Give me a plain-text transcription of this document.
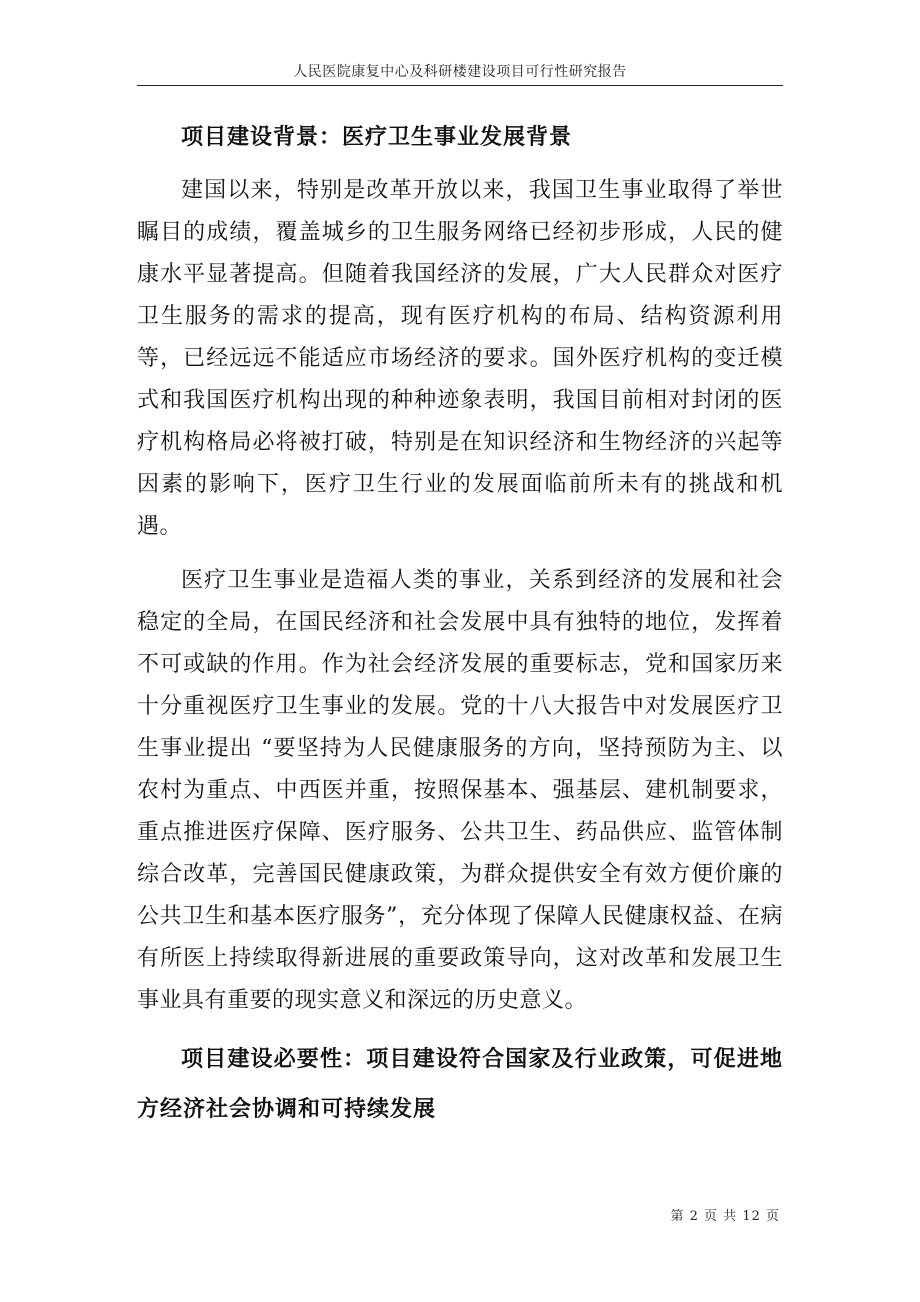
人民医院康复中心及科研楼建设项目可行性研究报告
项目建设背景：医疗卫生事业发展背景

建国以来，特别是改革开放以来，我国卫生事业取得了举世瞩目的成绩，覆盖城乡的卫生服务网络已经初步形成，人民的健康水平显著提高。但随着我国经济的发展，广大人民群众对医疗卫生服务的需求的提高，现有医疗机构的布局、结构资源利用等，已经远远不能适应市场经济的要求。国外医疗机构的变迁模式和我国医疗机构出现的种种迹象表明，我国目前相对封闭的医疗机构格局必将被打破，特别是在知识经济和生物经济的兴起等因素的影响下，医疗卫生行业的发展面临前所未有的挑战和机遇。

医疗卫生事业是造福人类的事业，关系到经济的发展和社会稳定的全局，在国民经济和社会发展中具有独特的地位，发挥着不可或缺的作用。作为社会经济发展的重要标志，党和国家历来十分重视医疗卫生事业的发展。党的十八大报告中对发展医疗卫生事业提出 “要坚持为人民健康服务的方向，坚持预防为主、以农村为重点、中西医并重，按照保基本、强基层、建机制要求，重点推进医疗保障、医疗服务、公共卫生、药品供应、监管体制综合改革，完善国民健康政策，为群众提供安全有效方便价廉的公共卫生和基本医疗服务”，充分体现了保障人民健康权益、在病有所医上持续取得新进展的重要政策导向，这对改革和发展卫生事业具有重要的现实意义和深远的历史意义。

项目建设必要性：项目建设符合国家及行业政策，可促进地方经济社会协调和可持续发展
第 2 页 共 12 页
